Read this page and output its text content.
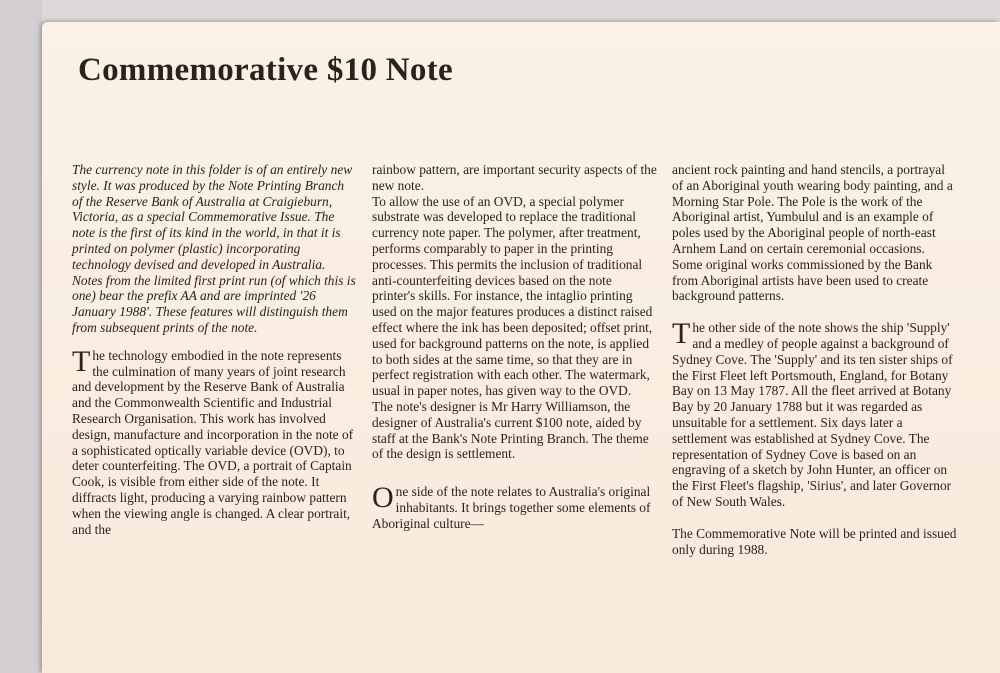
Commemorative $10 Note

The currency note in this folder is of an entirely new style. It was produced by the Note Printing Branch of the Reserve Bank of Australia at Craigieburn, Victoria, as a special Commemorative Issue. The note is the first of its kind in the world, in that it is printed on polymer (plastic) incorporating technology devised and developed in Australia. Notes from the limited first print run (of which this is one) bear the prefix AA and are imprinted '26 January 1988'. These features will distinguish them from subsequent prints of the note.

The technology embodied in the note represents the culmination of many years of joint research and development by the Reserve Bank of Australia and the Commonwealth Scientific and Industrial Research Organisation. This work has involved design, manufacture and incorporation in the note of a sophisticated optically variable device (OVD), to deter counterfeiting. The OVD, a portrait of Captain Cook, is visible from either side of the note. It diffracts light, producing a varying rainbow pattern when the viewing angle is changed. A clear portrait, and the

rainbow pattern, are important security aspects of the new note.

To allow the use of an OVD, a special polymer substrate was developed to replace the traditional currency note paper. The polymer, after treatment, performs comparably to paper in the printing processes. This permits the inclusion of traditional anti-counterfeiting devices based on the note printer's skills. For instance, the intaglio printing used on the major features produces a distinct raised effect where the ink has been deposited; offset print, used for background patterns on the note, is applied to both sides at the same time, so that they are in perfect registration with each other. The watermark, usual in paper notes, has given way to the OVD.

The note's designer is Mr Harry Williamson, the designer of Australia's current $100 note, aided by staff at the Bank's Note Printing Branch. The theme of the design is settlement.

One side of the note relates to Australia's original inhabitants. It brings together some elements of Aboriginal culture—

ancient rock painting and hand stencils, a portrayal of an Aboriginal youth wearing body painting, and a Morning Star Pole. The Pole is the work of the Aboriginal artist, Yumbulul and is an example of poles used by the Aboriginal people of north-east Arnhem Land on certain ceremonial occasions. Some original works commissioned by the Bank from Aboriginal artists have been used to create background patterns.

The other side of the note shows the ship 'Supply' and a medley of people against a background of Sydney Cove. The 'Supply' and its ten sister ships of the First Fleet left Portsmouth, England, for Botany Bay on 13 May 1787. All the fleet arrived at Botany Bay by 20 January 1788 but it was regarded as unsuitable for a settlement. Six days later a settlement was established at Sydney Cove. The representation of Sydney Cove is based on an engraving of a sketch by John Hunter, an officer on the First Fleet's flagship, 'Sirius', and later Governor of New South Wales.

The Commemorative Note will be printed and issued only during 1988.
